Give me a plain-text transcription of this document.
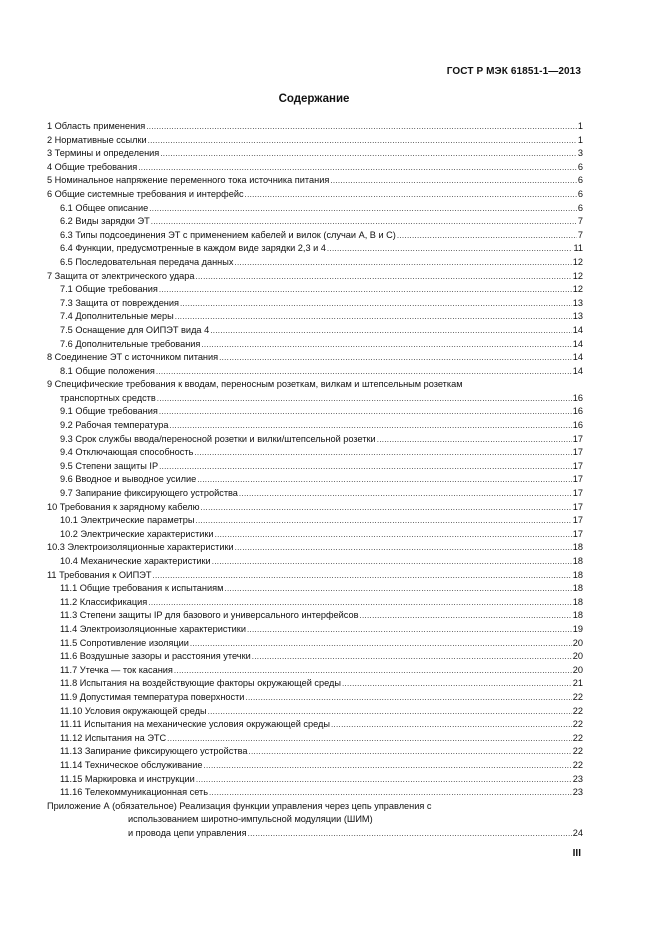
ГОСТ Р МЭК 61851-1—2013
Содержание
1 Область применения .....	1
2 Нормативные ссылки .....	1
3 Термины и определения .....	3
4 Общие требования .....	6
5 Номинальное напряжение переменного тока источника питания .....	6
6 Общие системные требования и интерфейс .....	6
6.1 Общее описание .....	6
6.2 Виды зарядки ЭТ .....	7
6.3 Типы подсоединения ЭТ с применением кабелей и вилок (случаи А, В и С) .....	7
6.4 Функции, предусмотренные в каждом виде зарядки 2,3 и 4 .....	11
6.5 Последовательная передача данных .....	12
7 Защита от электрического удара .....	12
7.1 Общие требования .....	12
7.3 Защита от повреждения .....	13
7.4 Дополнительные меры .....	13
7.5 Оснащение для ОИПЭТ вида 4 .....	14
7.6 Дополнительные требования .....	14
8 Соединение ЭТ с источником питания .....	14
8.1 Общие положения .....	14
9 Специфические требования к вводам, переносным розеткам, вилкам и штепсельным розеткам
транспортных средств .....	16
9.1 Общие требования .....	16
9.2 Рабочая температура .....	16
9.3 Срок службы ввода/переносной розетки и вилки/штепсельной розетки .....	17
9.4 Отключающая способность .....	17
9.5 Степени защиты IP .....	17
9.6 Вводное и выводное усилие .....	17
9.7 Запирание фиксирующего устройства .....	17
10 Требования к зарядному кабелю .....	17
10.1 Электрические параметры .....	17
10.2 Электрические характеристики .....	17
10.3 Электроизоляционные характеристики .....	18
10.4 Механические характеристики .....	18
11 Требования к ОИПЭТ .....	18
11.1 Общие требования к испытаниям .....	18
11.2 Классификация .....	18
11.3 Степени защиты IP для базового и универсального интерфейсов .....	18
11.4 Электроизоляционные характеристики .....	19
11.5 Сопротивление изоляции .....	20
11.6 Воздушные зазоры и расстояния утечки .....	20
11.7 Утечка — ток касания .....	20
11.8 Испытания на воздействующие факторы окружающей среды .....	21
11.9 Допустимая температура поверхности .....	22
11.10 Условия окружающей среды .....	22
11.11 Испытания на механические условия окружающей среды .....	22
11.12 Испытания на ЭТС .....	22
11.13 Запирание фиксирующего устройства .....	22
11.14 Техническое обслуживание .....	22
11.15 Маркировка и инструкции .....	23
11.16 Телекоммуникационная сеть .....	23
Приложение А (обязательное) Реализация функции управления через цепь управления с
использованием широтно-импульсной модуляции (ШИМ)
и провода цепи управления .....	24
III
